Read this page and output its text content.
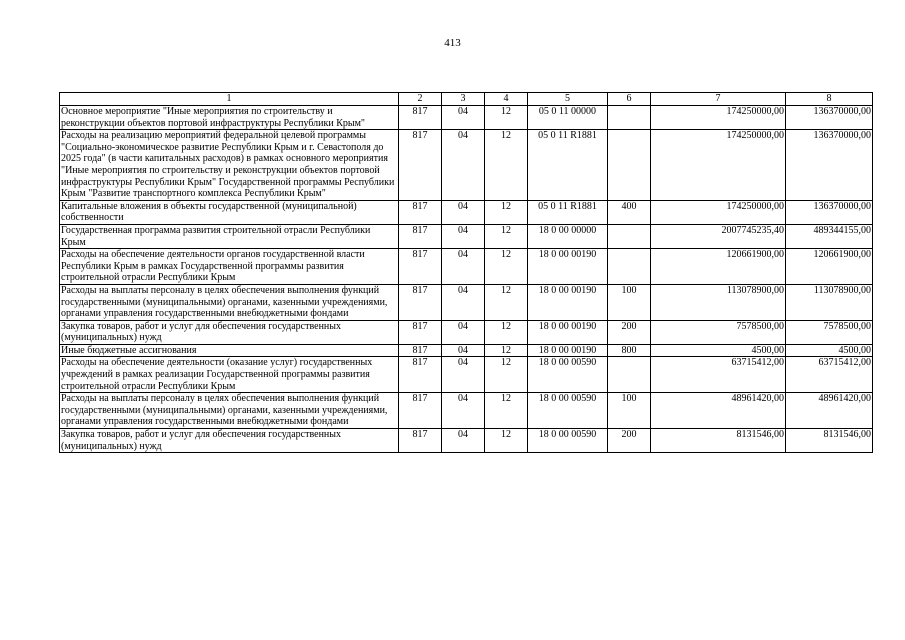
413
1	2	3	4	5	6	7	8
Основное мероприятие "Иные мероприятия по строительству и реконструкции объектов портовой инфраструктуры Республики Крым"	817	04	12	05 0 11 00000		174250000,00	136370000,00
Расходы на реализацию мероприятий федеральной целевой программы "Социально-экономическое развитие Республики Крым и г. Севастополя до 2025 года" (в части капитальных расходов) в рамках основного мероприятия "Иные мероприятия по строительству и реконструкции объектов портовой инфраструктуры Республики Крым" Государственной программы Республики Крым "Развитие транспортного комплекса Республики Крым"	817	04	12	05 0 11 R1881		174250000,00	136370000,00
Капитальные вложения в объекты государственной (муниципальной) собственности	817	04	12	05 0 11 R1881	400	174250000,00	136370000,00
Государственная программа развития строительной отрасли Республики Крым	817	04	12	18 0 00 00000		2007745235,40	489344155,00
Расходы на обеспечение деятельности органов государственной власти Республики Крым в рамках Государственной программы развития строительной отрасли Республики Крым	817	04	12	18 0 00 00190		120661900,00	120661900,00
Расходы на выплаты персоналу в целях обеспечения выполнения функций государственными (муниципальными) органами, казенными учреждениями, органами управления государственными внебюджетными фондами	817	04	12	18 0 00 00190	100	113078900,00	113078900,00
Закупка товаров, работ и услуг для обеспечения государственных (муниципальных) нужд	817	04	12	18 0 00 00190	200	7578500,00	7578500,00
Иные бюджетные ассигнования	817	04	12	18 0 00 00190	800	4500,00	4500,00
Расходы на обеспечение деятельности (оказание услуг) государственных учреждений в рамках реализации Государственной программы развития строительной отрасли Республики Крым	817	04	12	18 0 00 00590		63715412,00	63715412,00
Расходы на выплаты персоналу в целях обеспечения выполнения функций государственными (муниципальными) органами, казенными учреждениями, органами управления государственными внебюджетными фондами	817	04	12	18 0 00 00590	100	48961420,00	48961420,00
Закупка товаров, работ и услуг для обеспечения государственных (муниципальных) нужд	817	04	12	18 0 00 00590	200	8131546,00	8131546,00
